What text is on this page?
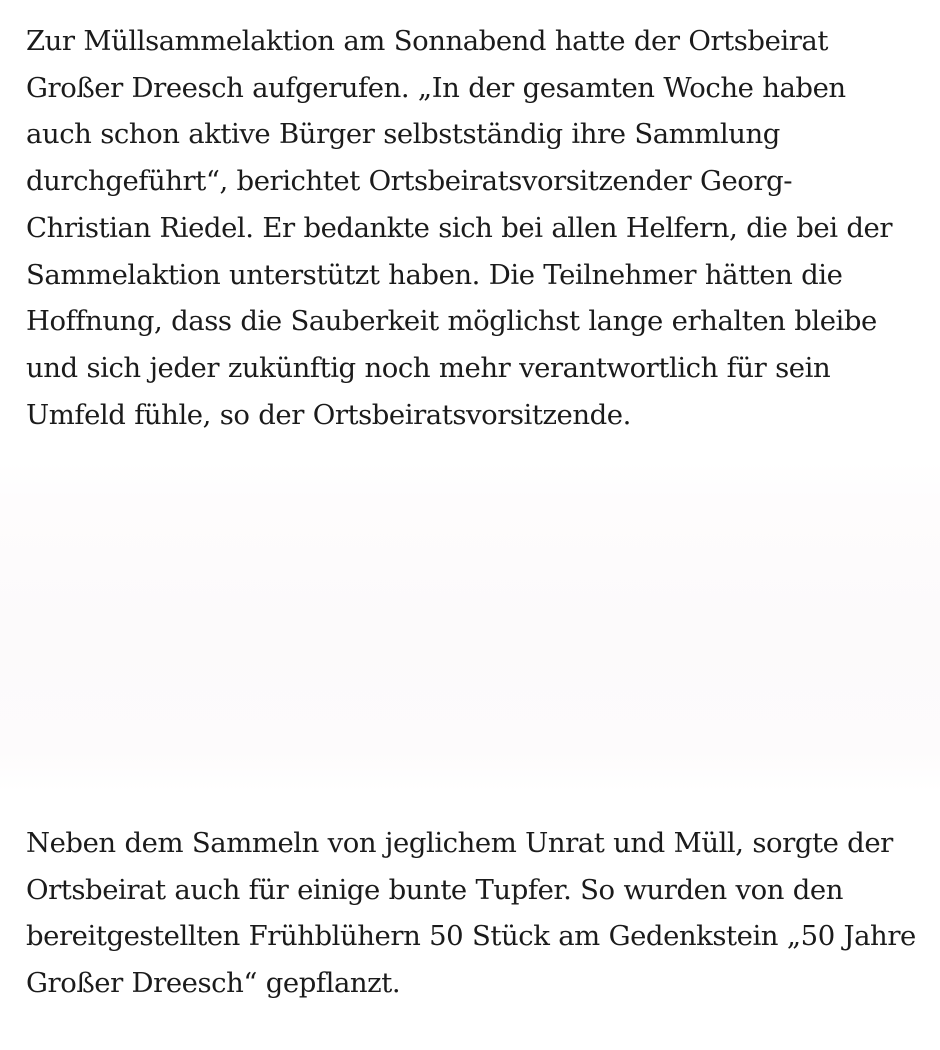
Zur Müllsammelaktion am Sonnabend hatte der Ortsbeirat Großer Dreesch aufgerufen. „In der gesamten Woche haben auch schon aktive Bürger selbstständig ihre Sammlung durchgeführt“, berichtet Ortsbeiratsvorsitzender Georg-Christian Riedel. Er bedankte sich bei allen Helfern, die bei der Sammelaktion unterstützt haben. Die Teilnehmer hätten die Hoffnung, dass die Sauberkeit möglichst lange erhalten bleibe und sich jeder zukünftig noch mehr verantwortlich für sein Umfeld fühle, so der Ortsbeiratsvorsitzende.

Neben dem Sammeln von jeglichem Unrat und Müll, sorgte der Ortsbeirat auch für einige bunte Tupfer. So wurden von den bereitgestellten Frühblühern 50 Stück am Gedenkstein „50 Jahre Großer Dreesch“ gepflanzt.
